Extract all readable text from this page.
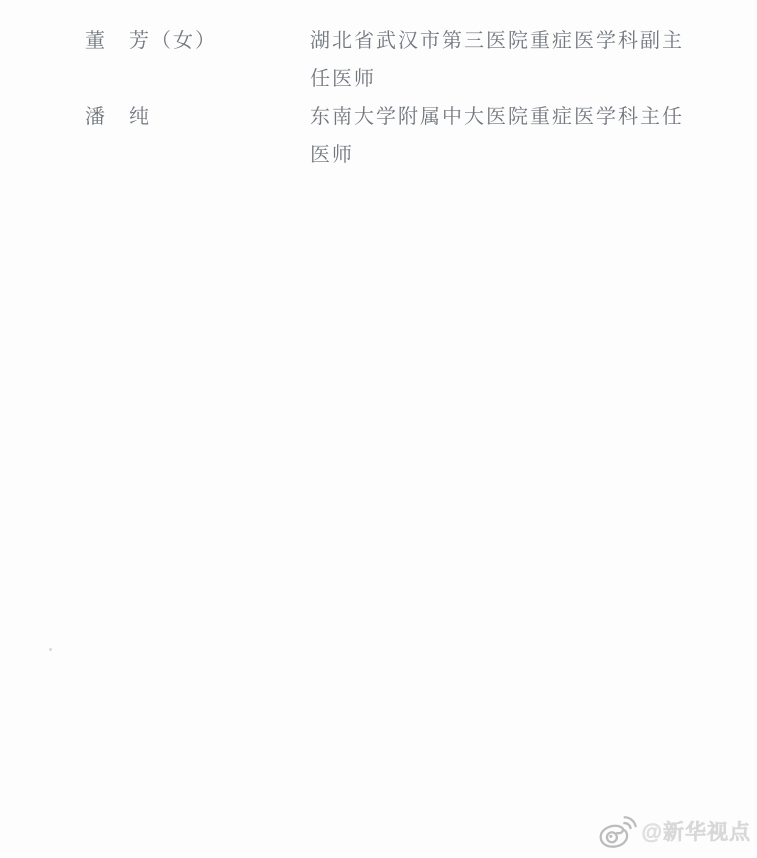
董　芳（女）	湖北省武汉市第三医院重症医学科副主任医师
潘　纯	东南大学附属中大医院重症医学科主任医师
@新华视点
